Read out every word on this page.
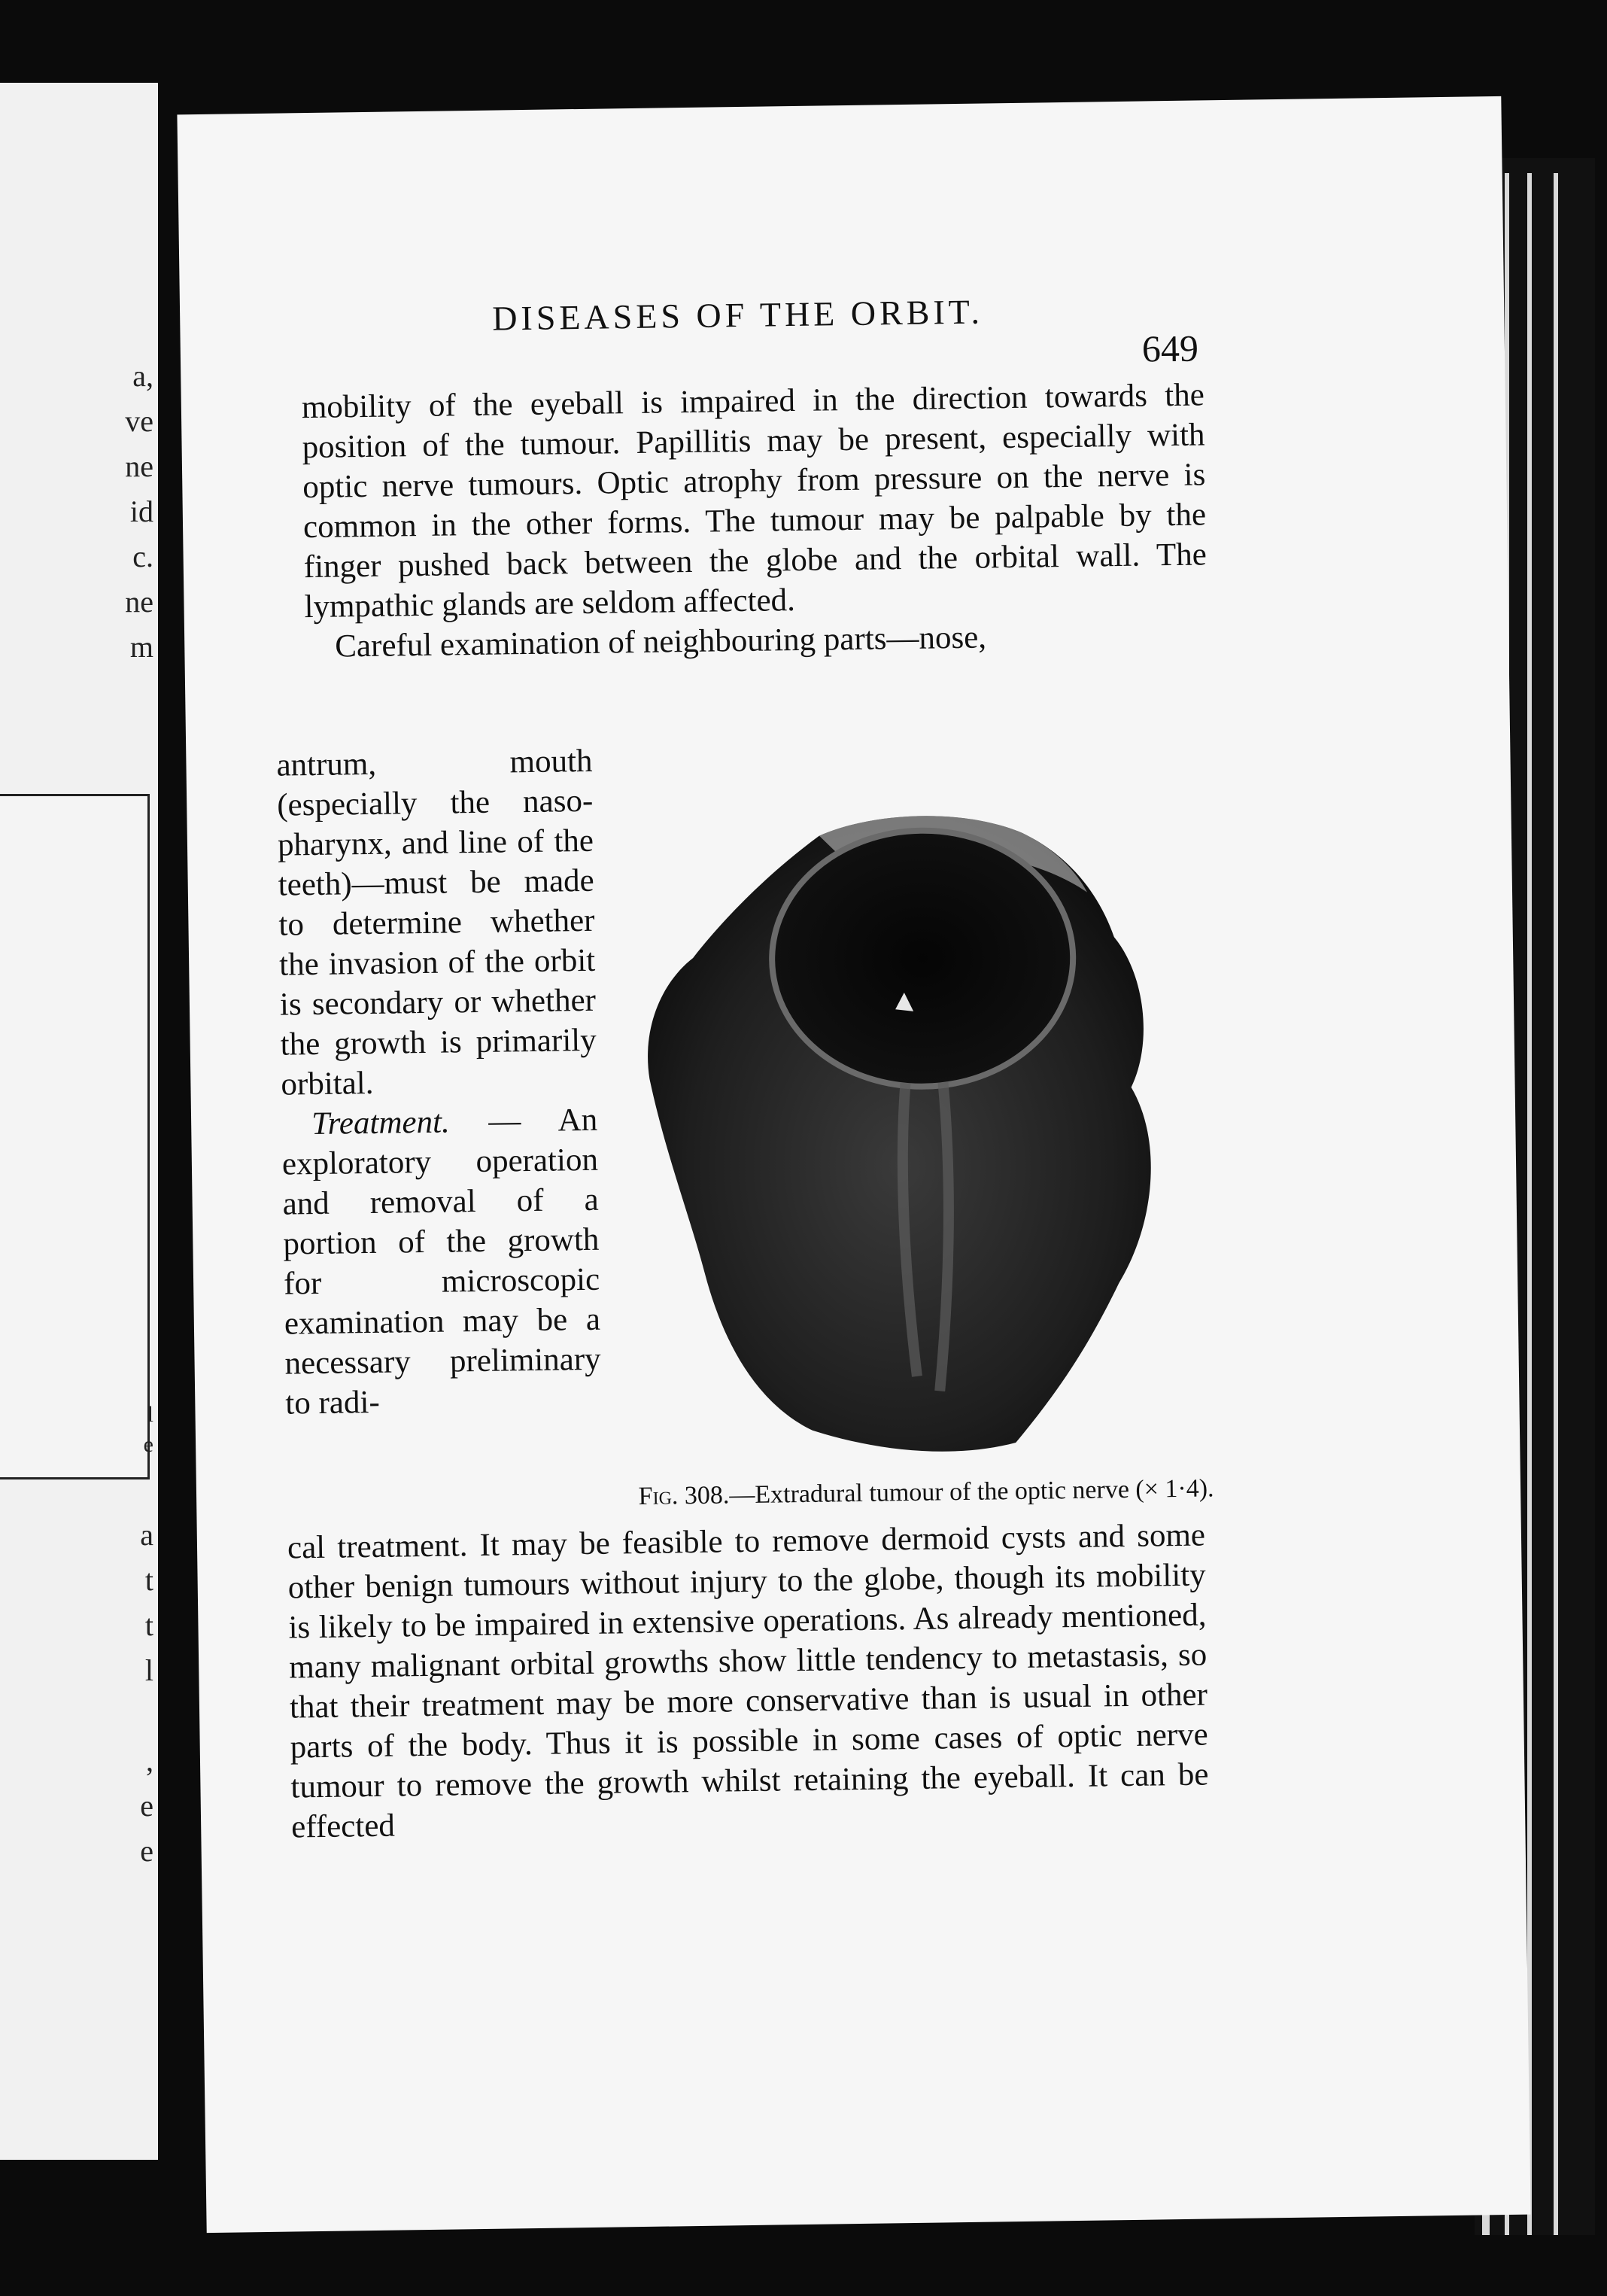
a,
ve
ne
id
c.
ne
m
l
e
a
t
t
l
,
e
e
DISEASES OF THE ORBIT.
649

mobility of the eyeball is impaired in the direction towards the position of the tumour. Papillitis may be present, especially with optic nerve tumours. Optic atrophy from pressure on the nerve is common in the other forms. The tumour may be palpable by the finger pushed back between the globe and the orbital wall. The lympathic glands are seldom affected.

Careful examination of neighbouring parts—nose,

antrum, mouth (especially the naso-pharynx, and line of the teeth)—must be made to determine whether the invasion of the orbit is secondary or whether the growth is primarily orbital.

Treatment. — An exploratory operation and removal of a portion of the growth for microscopic examination may be a necessary preliminary to radi-

Fig. 308.—Extradural tumour of the optic nerve (× 1·4).

cal treatment. It may be feasible to remove dermoid cysts and some other benign tumours without injury to the globe, though its mobility is likely to be impaired in extensive operations. As already mentioned, many malignant orbital growths show little tendency to metastasis, so that their treatment may be more conservative than is usual in other parts of the body. Thus it is possible in some cases of optic nerve tumour to remove the growth whilst retaining the eyeball. It can be effected
